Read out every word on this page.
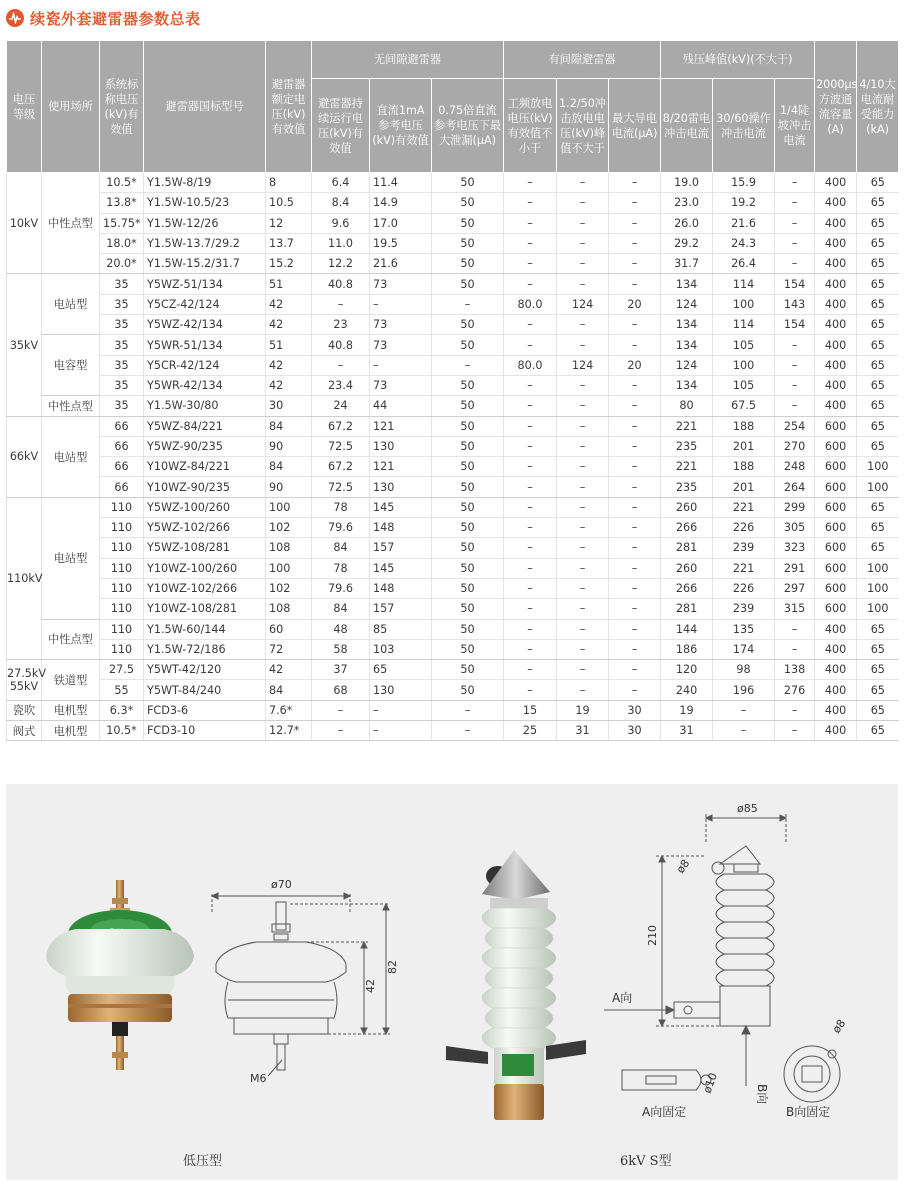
续瓷外套避雷器参数总表
电压等级	使用场所	系统标称电压(kV)有效值	避雷器国标型号	避雷器额定电压(kV)有效值	无间隙避雷器			有间隙避雷器			残压峰值(kV)(不大于)			2000μs方波通流容量(A)	4/10大电流耐受能力(kA)
					避雷器持续运行电压(kV)有效值	直流1mA参考电压(kV)有效值	0.75倍直流参考电压下最大泄漏(μA)	工频放电电压(kV)有效值不小于	1.2/50冲击放电电压(kV)峰值不大于	最大导电电流(μA)	8/20雷电冲击电流	30/60操作冲击电流	1/4陡坡冲击电流		
10kV	中性点型	10.5*	Y1.5W-8/19	8	6.4	11.4	50	–	–	–	19.0	15.9	–	400	65
		13.8*	Y1.5W-10.5/23	10.5	8.4	14.9	50	–	–	–	23.0	19.2	–	400	65
		15.75*	Y1.5W-12/26	12	9.6	17.0	50	–	–	–	26.0	21.6	–	400	65
		18.0*	Y1.5W-13.7/29.2	13.7	11.0	19.5	50	–	–	–	29.2	24.3	–	400	65
		20.0*	Y1.5W-15.2/31.7	15.2	12.2	21.6	50	–	–	–	31.7	26.4	–	400	65
35kV	电站型	35	Y5WZ-51/134	51	40.8	73	50	–	–	–	134	114	154	400	65
		35	Y5CZ-42/124	42	–	–	–	80.0	124	20	124	100	143	400	65
		35	Y5WZ-42/134	42	23	73	50	–	–	–	134	114	154	400	65
	电容型	35	Y5WR-51/134	51	40.8	73	50	–	–	–	134	105	–	400	65
		35	Y5CR-42/124	42	–	–	–	80.0	124	20	124	100	–	400	65
		35	Y5WR-42/134	42	23.4	73	50	–	–	–	134	105	–	400	65
	中性点型	35	Y1.5W-30/80	30	24	44	50	–	–	–	80	67.5	–	400	65
66kV	电站型	66	Y5WZ-84/221	84	67.2	121	50	–	–	–	221	188	254	600	65
		66	Y5WZ-90/235	90	72.5	130	50	–	–	–	235	201	270	600	65
		66	Y10WZ-84/221	84	67.2	121	50	–	–	–	221	188	248	600	100
		66	Y10WZ-90/235	90	72.5	130	50	–	–	–	235	201	264	600	100
110kV	电站型	110	Y5WZ-100/260	100	78	145	50	–	–	–	260	221	299	600	65
		110	Y5WZ-102/266	102	79.6	148	50	–	–	–	266	226	305	600	65
		110	Y5WZ-108/281	108	84	157	50	–	–	–	281	239	323	600	65
		110	Y10WZ-100/260	100	78	145	50	–	–	–	260	221	291	600	100
		110	Y10WZ-102/266	102	79.6	148	50	–	–	–	266	226	297	600	100
		110	Y10WZ-108/281	108	84	157	50	–	–	–	281	239	315	600	100
	中性点型	110	Y1.5W-60/144	60	48	85	50	–	–	–	144	135	–	400	65
		110	Y1.5W-72/186	72	58	103	50	–	–	–	186	174	–	400	65
27.5kV 55kV	铁道型	27.5	Y5WT-42/120	42	37	65	50	–	–	–	120	98	138	400	65
		55	Y5WT-84/240	84	68	130	50	–	–	–	240	196	276	400	65
瓷吹	电机型	6.3*	FCD3-6	7.6*	–	–	–	15	19	30	19	–	–	400	65
阀式	电机型	10.5*	FCD3-10	12.7*	–	–	–	25	31	30	31	–	–	400	65
ø70
42
82
M6
ø85
ø8
210
A向
B向
ø10
ø8
A向固定	B向固定
低压型	6kV S型
